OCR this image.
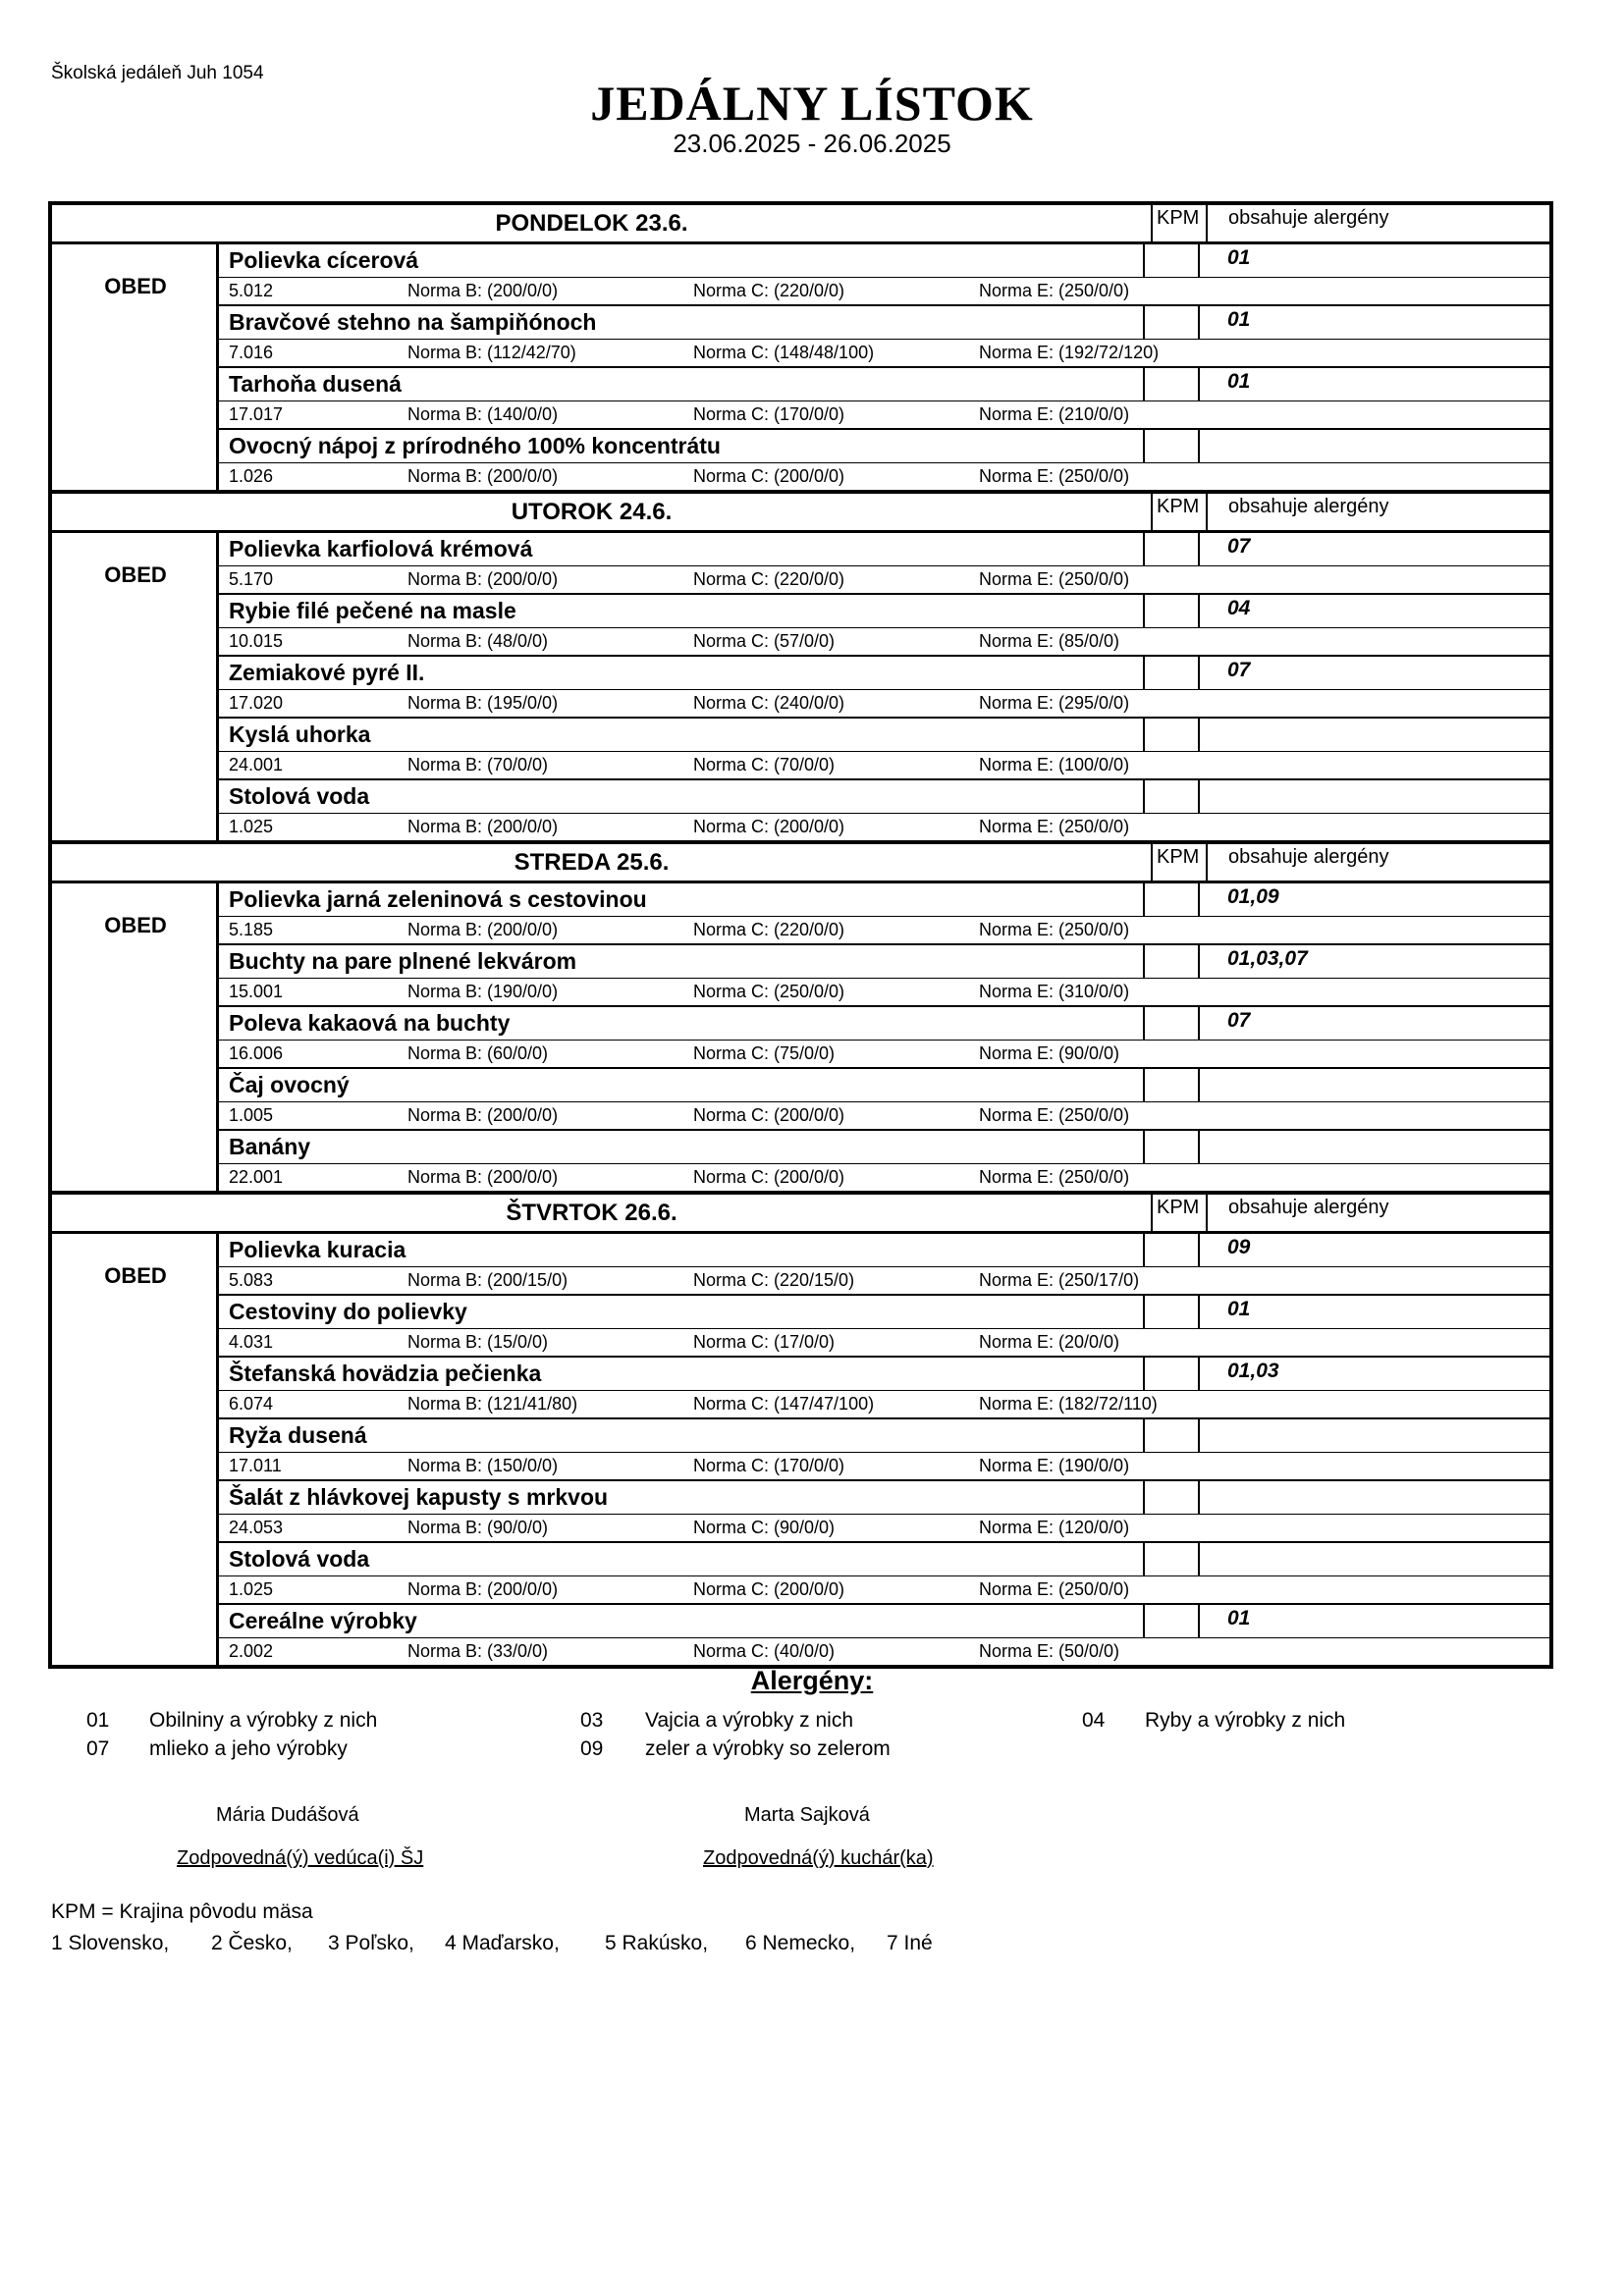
Školská jedáleň Juh 1054
JEDÁLNY LÍSTOK
23.06.2025 - 26.06.2025
PONDELOK 23.6.	KPM obsahuje alergény
OBED
Polievka cícerová	01
5.012	Norma B: (200/0/0)	Norma C: (220/0/0)	Norma E: (250/0/0)
Bravčové stehno na šampiňónoch	01
7.016	Norma B: (112/42/70)	Norma C: (148/48/100)	Norma E: (192/72/120)
Tarhoňa dusená	01
17.017	Norma B: (140/0/0)	Norma C: (170/0/0)	Norma E: (210/0/0)
Ovocný nápoj z prírodného 100% koncentrátu
1.026	Norma B: (200/0/0)	Norma C: (200/0/0)	Norma E: (250/0/0)
UTOROK 24.6.	KPM obsahuje alergény
OBED
Polievka karfiolová krémová	07
5.170	Norma B: (200/0/0)	Norma C: (220/0/0)	Norma E: (250/0/0)
Rybie filé pečené na masle	04
10.015	Norma B: (48/0/0)	Norma C: (57/0/0)	Norma E: (85/0/0)
Zemiakové pyré II.	07
17.020	Norma B: (195/0/0)	Norma C: (240/0/0)	Norma E: (295/0/0)
Kyslá uhorka
24.001	Norma B: (70/0/0)	Norma C: (70/0/0)	Norma E: (100/0/0)
Stolová voda
1.025	Norma B: (200/0/0)	Norma C: (200/0/0)	Norma E: (250/0/0)
STREDA 25.6.	KPM obsahuje alergény
OBED
Polievka jarná zeleninová s cestovinou	01,09
5.185	Norma B: (200/0/0)	Norma C: (220/0/0)	Norma E: (250/0/0)
Buchty na pare plnené lekvárom	01,03,07
15.001	Norma B: (190/0/0)	Norma C: (250/0/0)	Norma E: (310/0/0)
Poleva kakaová na buchty	07
16.006	Norma B: (60/0/0)	Norma C: (75/0/0)	Norma E: (90/0/0)
Čaj ovocný
1.005	Norma B: (200/0/0)	Norma C: (200/0/0)	Norma E: (250/0/0)
Banány
22.001	Norma B: (200/0/0)	Norma C: (200/0/0)	Norma E: (250/0/0)
ŠTVRTOK 26.6.	KPM obsahuje alergény
OBED
Polievka kuracia	09
5.083	Norma B: (200/15/0)	Norma C: (220/15/0)	Norma E: (250/17/0)
Cestoviny do polievky	01
4.031	Norma B: (15/0/0)	Norma C: (17/0/0)	Norma E: (20/0/0)
Štefanská hovädzia pečienka	01,03
6.074	Norma B: (121/41/80)	Norma C: (147/47/100)	Norma E: (182/72/110)
Ryža dusená
17.011	Norma B: (150/0/0)	Norma C: (170/0/0)	Norma E: (190/0/0)
Šalát z hlávkovej kapusty s mrkvou
24.053	Norma B: (90/0/0)	Norma C: (90/0/0)	Norma E: (120/0/0)
Stolová voda
1.025	Norma B: (200/0/0)	Norma C: (200/0/0)	Norma E: (250/0/0)
Cereálne výrobky	01
2.002	Norma B: (33/0/0)	Norma C: (40/0/0)	Norma E: (50/0/0)
Alergény:
01 Obilniny a výrobky z nich	03 Vajcia a výrobky z nich	04 Ryby a výrobky z nich
07 mlieko a jeho výrobky	09 zeler a výrobky so zelerom
Mária Dudášová
Zodpovedná(ý) vedúca(i) ŠJ
Marta Sajková
Zodpovedná(ý) kuchár(ka)
KPM = Krajina pôvodu mäsa
1 Slovensko, 2 Česko, 3 Poľsko, 4 Maďarsko, 5 Rakúsko, 6 Nemecko, 7 Iné
